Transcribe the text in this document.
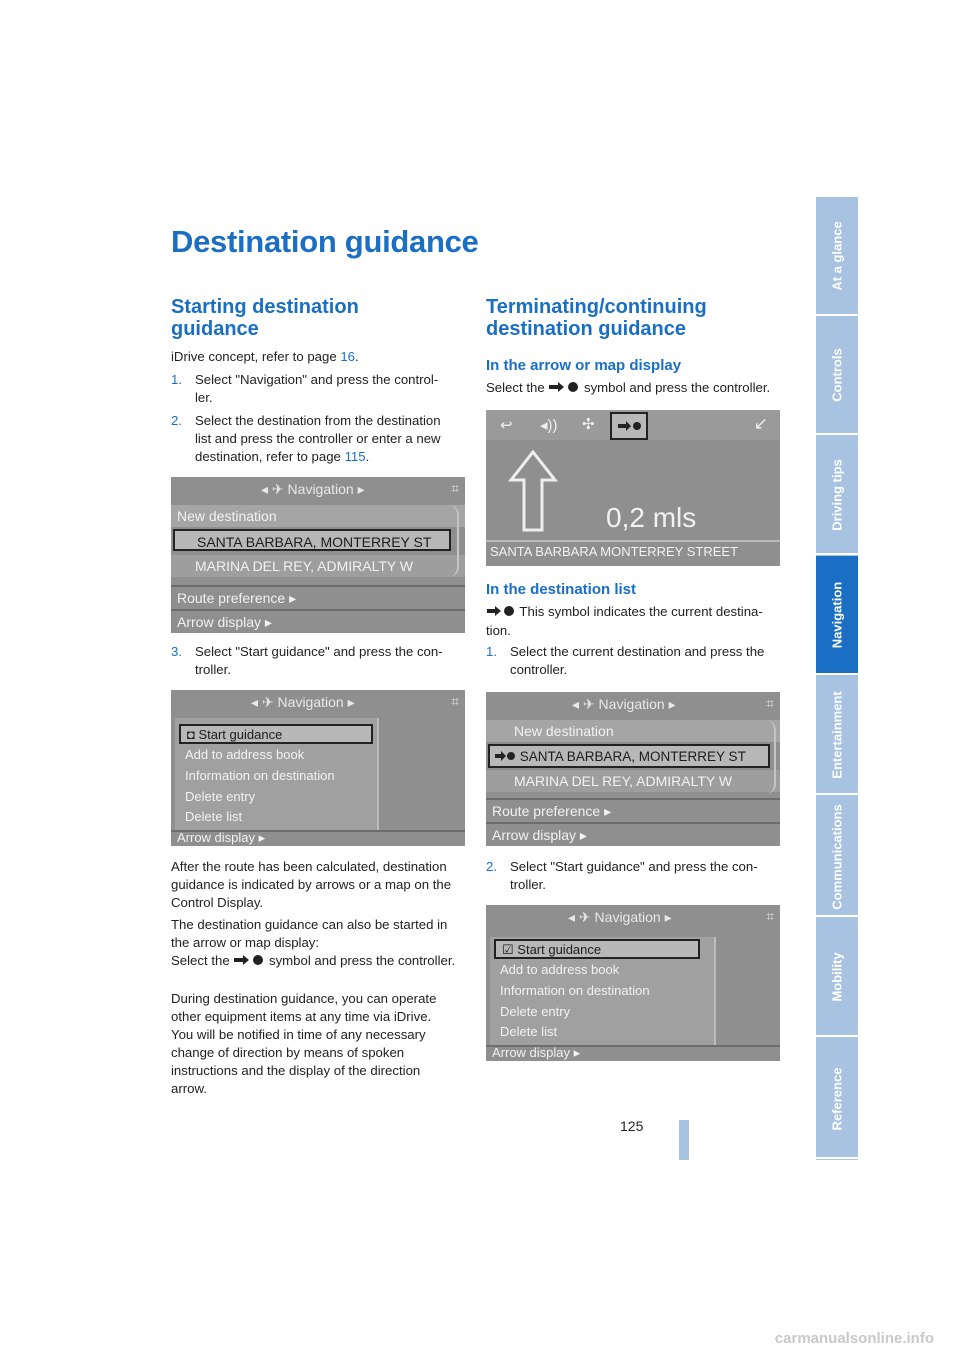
Destination guidance
Starting destination
guidance
iDrive concept, refer to page 16.
1. Select "Navigation" and press the control-
ler.
2. Select the destination from the destination
list and press the controller or enter a new
destination, refer to page 115.
◂ ✈ Navigation ▸	⌗
New destination
SANTA BARBARA, MONTERREY ST
MARINA DEL REY, ADMIRALTY W
Route preference ▸
Arrow display ▸
3. Select "Start guidance" and press the con-
troller.
◂ ✈ Navigation ▸	⌗
◘ Start guidance
Add to address book
Information on destination
Delete entry
Delete list
Arrow display ▸
After the route has been calculated, destination
guidance is indicated by arrows or a map on the
Control Display.
The destination guidance can also be started in
the arrow or map display:
Select the  symbol and press the controller.
During destination guidance, you can operate
other equipment items at any time via iDrive.
You will be notified in time of any necessary
change of direction by means of spoken
instructions and the display of the direction
arrow.
Terminating/continuing
destination guidance
In the arrow or map display
Select the  symbol and press the controller.
↩ ◂)) ✣	↙
0,2 mls
SANTA BARBARA MONTERREY STREET
In the destination list
This symbol indicates the current destina-
tion.
1. Select the current destination and press the
controller.
◂ ✈ Navigation ▸	⌗
New destination
SANTA BARBARA, MONTERREY ST
MARINA DEL REY, ADMIRALTY W
Route preference ▸
Arrow display ▸
2. Select "Start guidance" and press the con-
troller.
◂ ✈ Navigation ▸	⌗
☑ Start guidance
Add to address book
Information on destination
Delete entry
Delete list
Arrow display ▸
125
At a glance
Controls
Driving tips
Navigation
Entertainment
Communications
Mobility
Reference
carmanualsonline.info
